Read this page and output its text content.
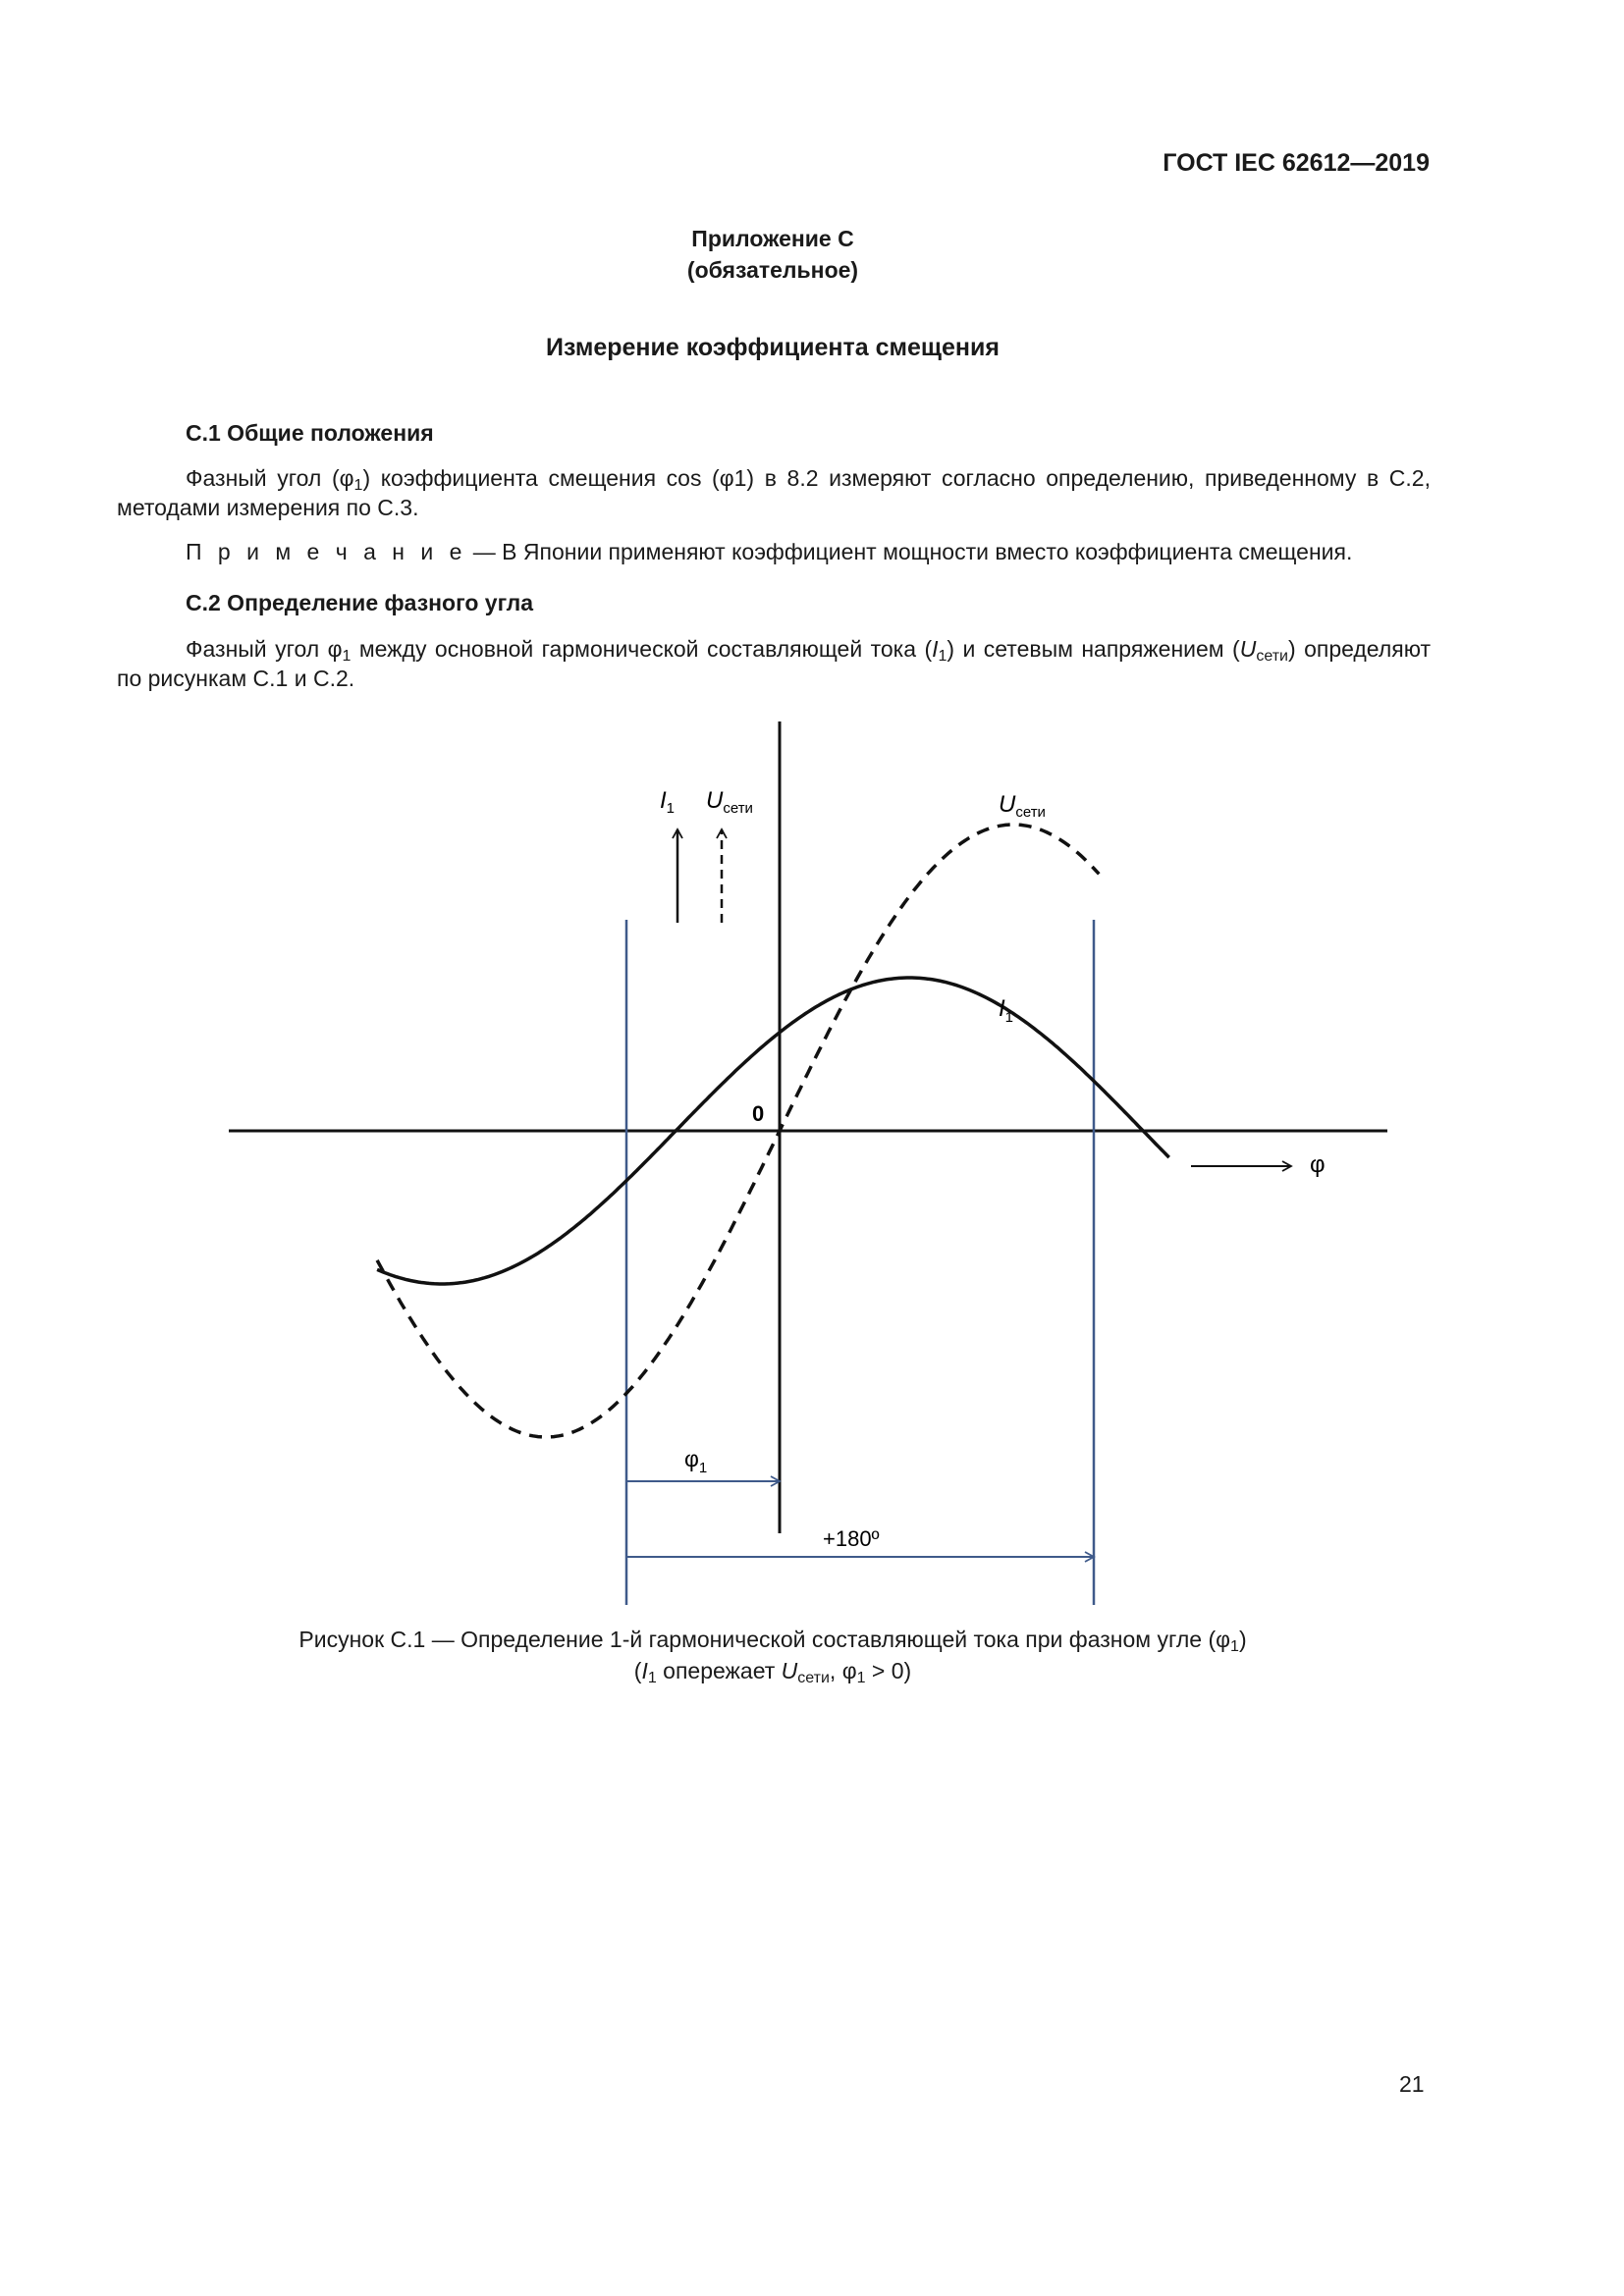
ГОСТ IEC 62612—2019
Приложение C
(обязательное)
Измерение коэффициента смещения
C.1 Общие положения
Фазный угол $(\varphi_1)$ коэффициента смещения cos (φ1) в 8.2 измеряют согласно определению, приведенному в C.2, методами измерения по C.3.
П р и м е ч а н и е — В Японии применяют коэффициент мощности вместо коэффициента смещения.
C.2 Определение фазного угла
Фазный угол $\varphi_1$ между основной гармонической составляющей тока $(I_1)$ и сетевым напряжением $(U_{сети})$ определяют по рисункам C.1 и C.2.
$I_1$ $U_{сети}$	$U_{сети}$
$I_1$
0
φ
$\varphi_1$
+180º
Рисунок C.1 — Определение 1-й гармонической составляющей тока при фазном угле $(\varphi_1)$
($I_1$ опережает $U_{сети}$, $\varphi_1 > 0$)
21
